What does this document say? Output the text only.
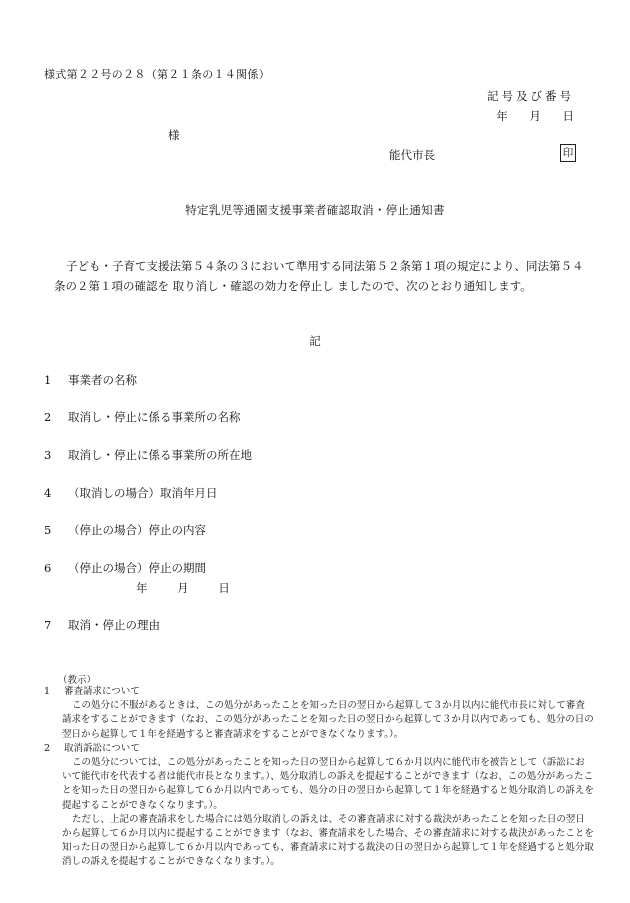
様式第２２号の２８（第２１条の１４関係）
記号及び番号
年 月 日
様
能代市長	印
特定乳児等通園支援事業者確認取消・停止通知書

子ども・子育て支援法第５４条の３において準用する同法第５２条第１項の規定により、同法第５４条の２第１項の確認を 取り消し・確認の効力を停止し ましたので、次のとおり通知します。

記
1 事業者の名称
2 取消し・停止に係る事業所の名称
3 取消し・停止に係る事業所の所在地
4 （取消しの場合）取消年月日
5 （停止の場合）停止の内容
6 （停止の場合）停止の期間
年	月	日
7 取消・停止の理由
（教示）

1 審査請求について

この処分に不服があるときは、この処分があったことを知った日の翌日から起算して３か月以内に能代市長に対して審査請求をすることができます（なお、この処分があったことを知った日の翌日から起算して３か月以内であっても、処分の日の翌日から起算して１年を経過すると審査請求をすることができなくなります。）。

2 取消訴訟について

この処分については、この処分があったことを知った日の翌日から起算して６か月以内に能代市を被告として（訴訟において能代市を代表する者は能代市長となります。）、処分取消しの訴えを提起することができます（なお、この処分があったことを知った日の翌日から起算して６か月以内であっても、処分の日の翌日から起算して１年を経過すると処分取消しの訴えを提起することができなくなります。）。

ただし、上記の審査請求をした場合には処分取消しの訴えは、その審査請求に対する裁決があったことを知った日の翌日から起算して６か月以内に提起することができます（なお、審査請求をした場合、その審査請求に対する裁決があったことを知った日の翌日から起算して６か月以内であっても、審査請求に対する裁決の日の翌日から起算して１年を経過すると処分取消しの訴えを提起することができなくなります。）。
